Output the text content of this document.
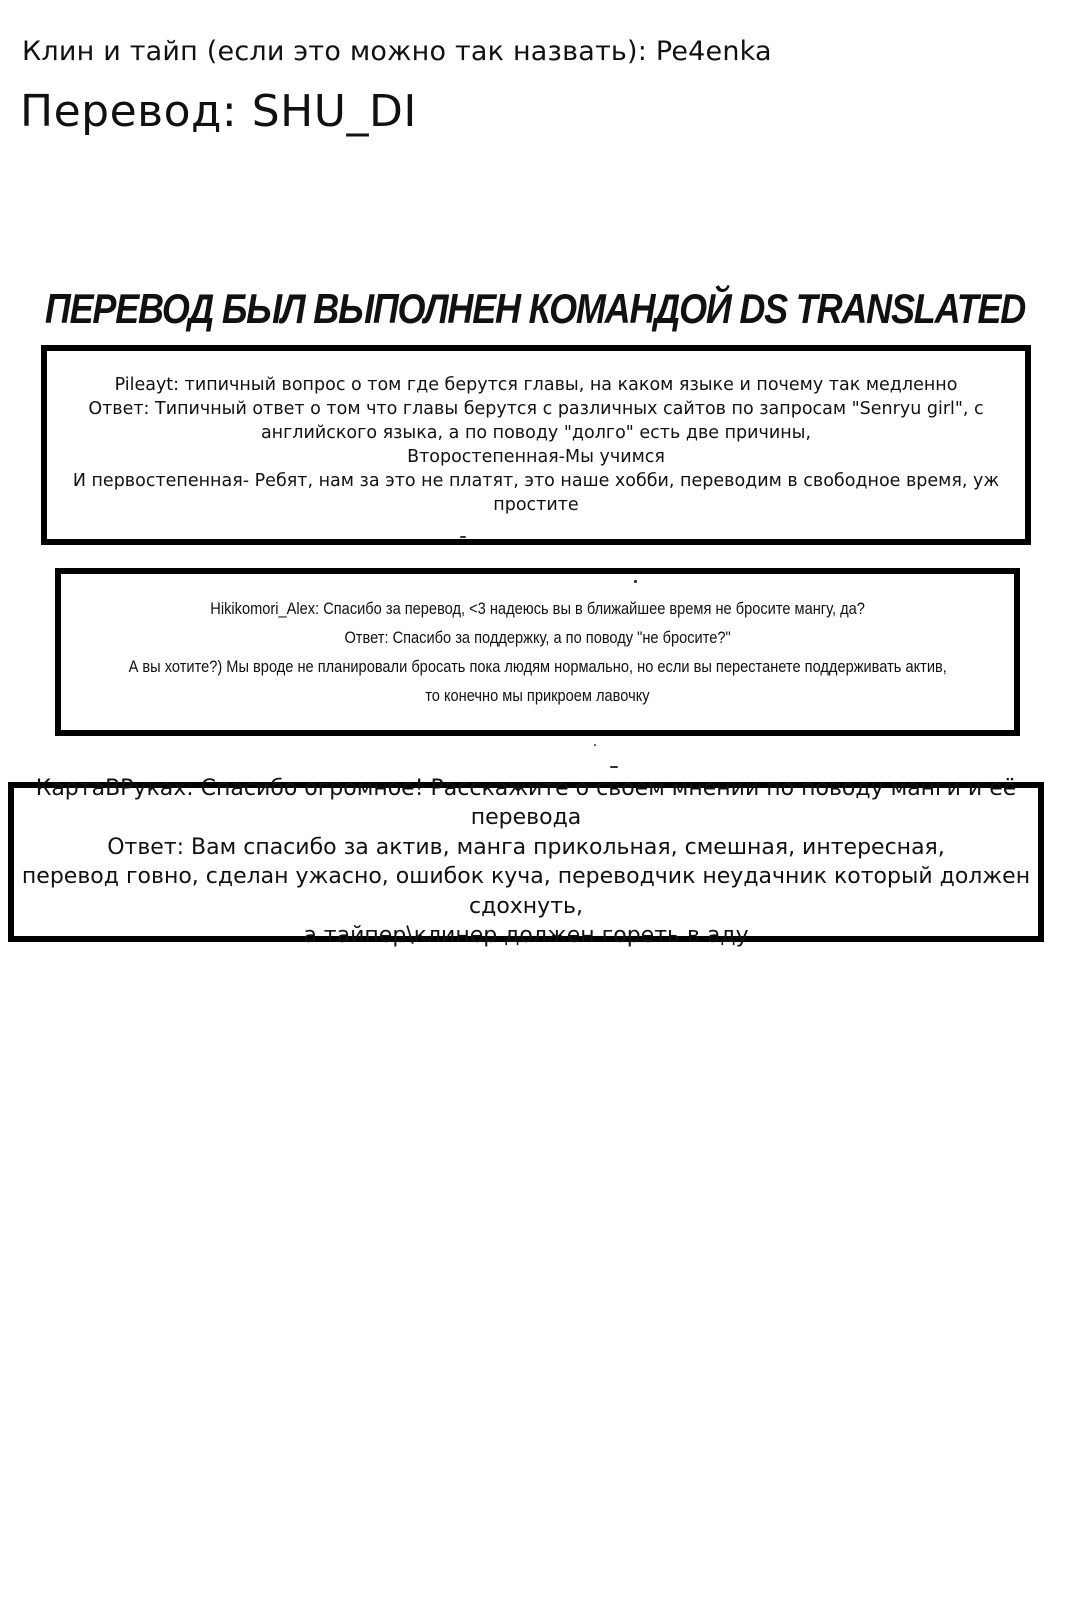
Клин и тайп (если это можно так назвать): Pe4enka
Перевод: SHU_DI
ПЕРЕВОД БЫЛ ВЫПОЛНЕН КОМАНДОЙ DS TRANSLATED

Pileayt: типичный вопрос о том где берутся главы, на каком языке и почему так медленно

Ответ: Типичный ответ о том что главы берутся с различных сайтов по запросам "Senryu girl", с

английского языка, а по поводу "долго" есть две причины,

Второстепенная-Мы учимся

И первостепенная- Ребят, нам за это не платят, это наше хобби, переводим в свободное время, уж

простите

Hikikomori_Alex: Спасибо за перевод, <3 надеюсь вы в ближайшее время не бросите мангу, да?

Ответ: Спасибо за поддержку, а по поводу "не бросите?"

А вы хотите?) Мы вроде не планировали бросать пока людям нормально, но если вы перестанете поддерживать актив,

то конечно мы прикроем лавочку

КартаВРуках: Спасибо огромное! Расскажите о своем мнении по поводу манги и её перевода

Ответ: Вам спасибо за актив, манга прикольная, смешная, интересная,

перевод говно, сделан ужасно, ошибок куча, переводчик неудачник который должен сдохнуть,

а тайпер\клинер должен гореть в аду
